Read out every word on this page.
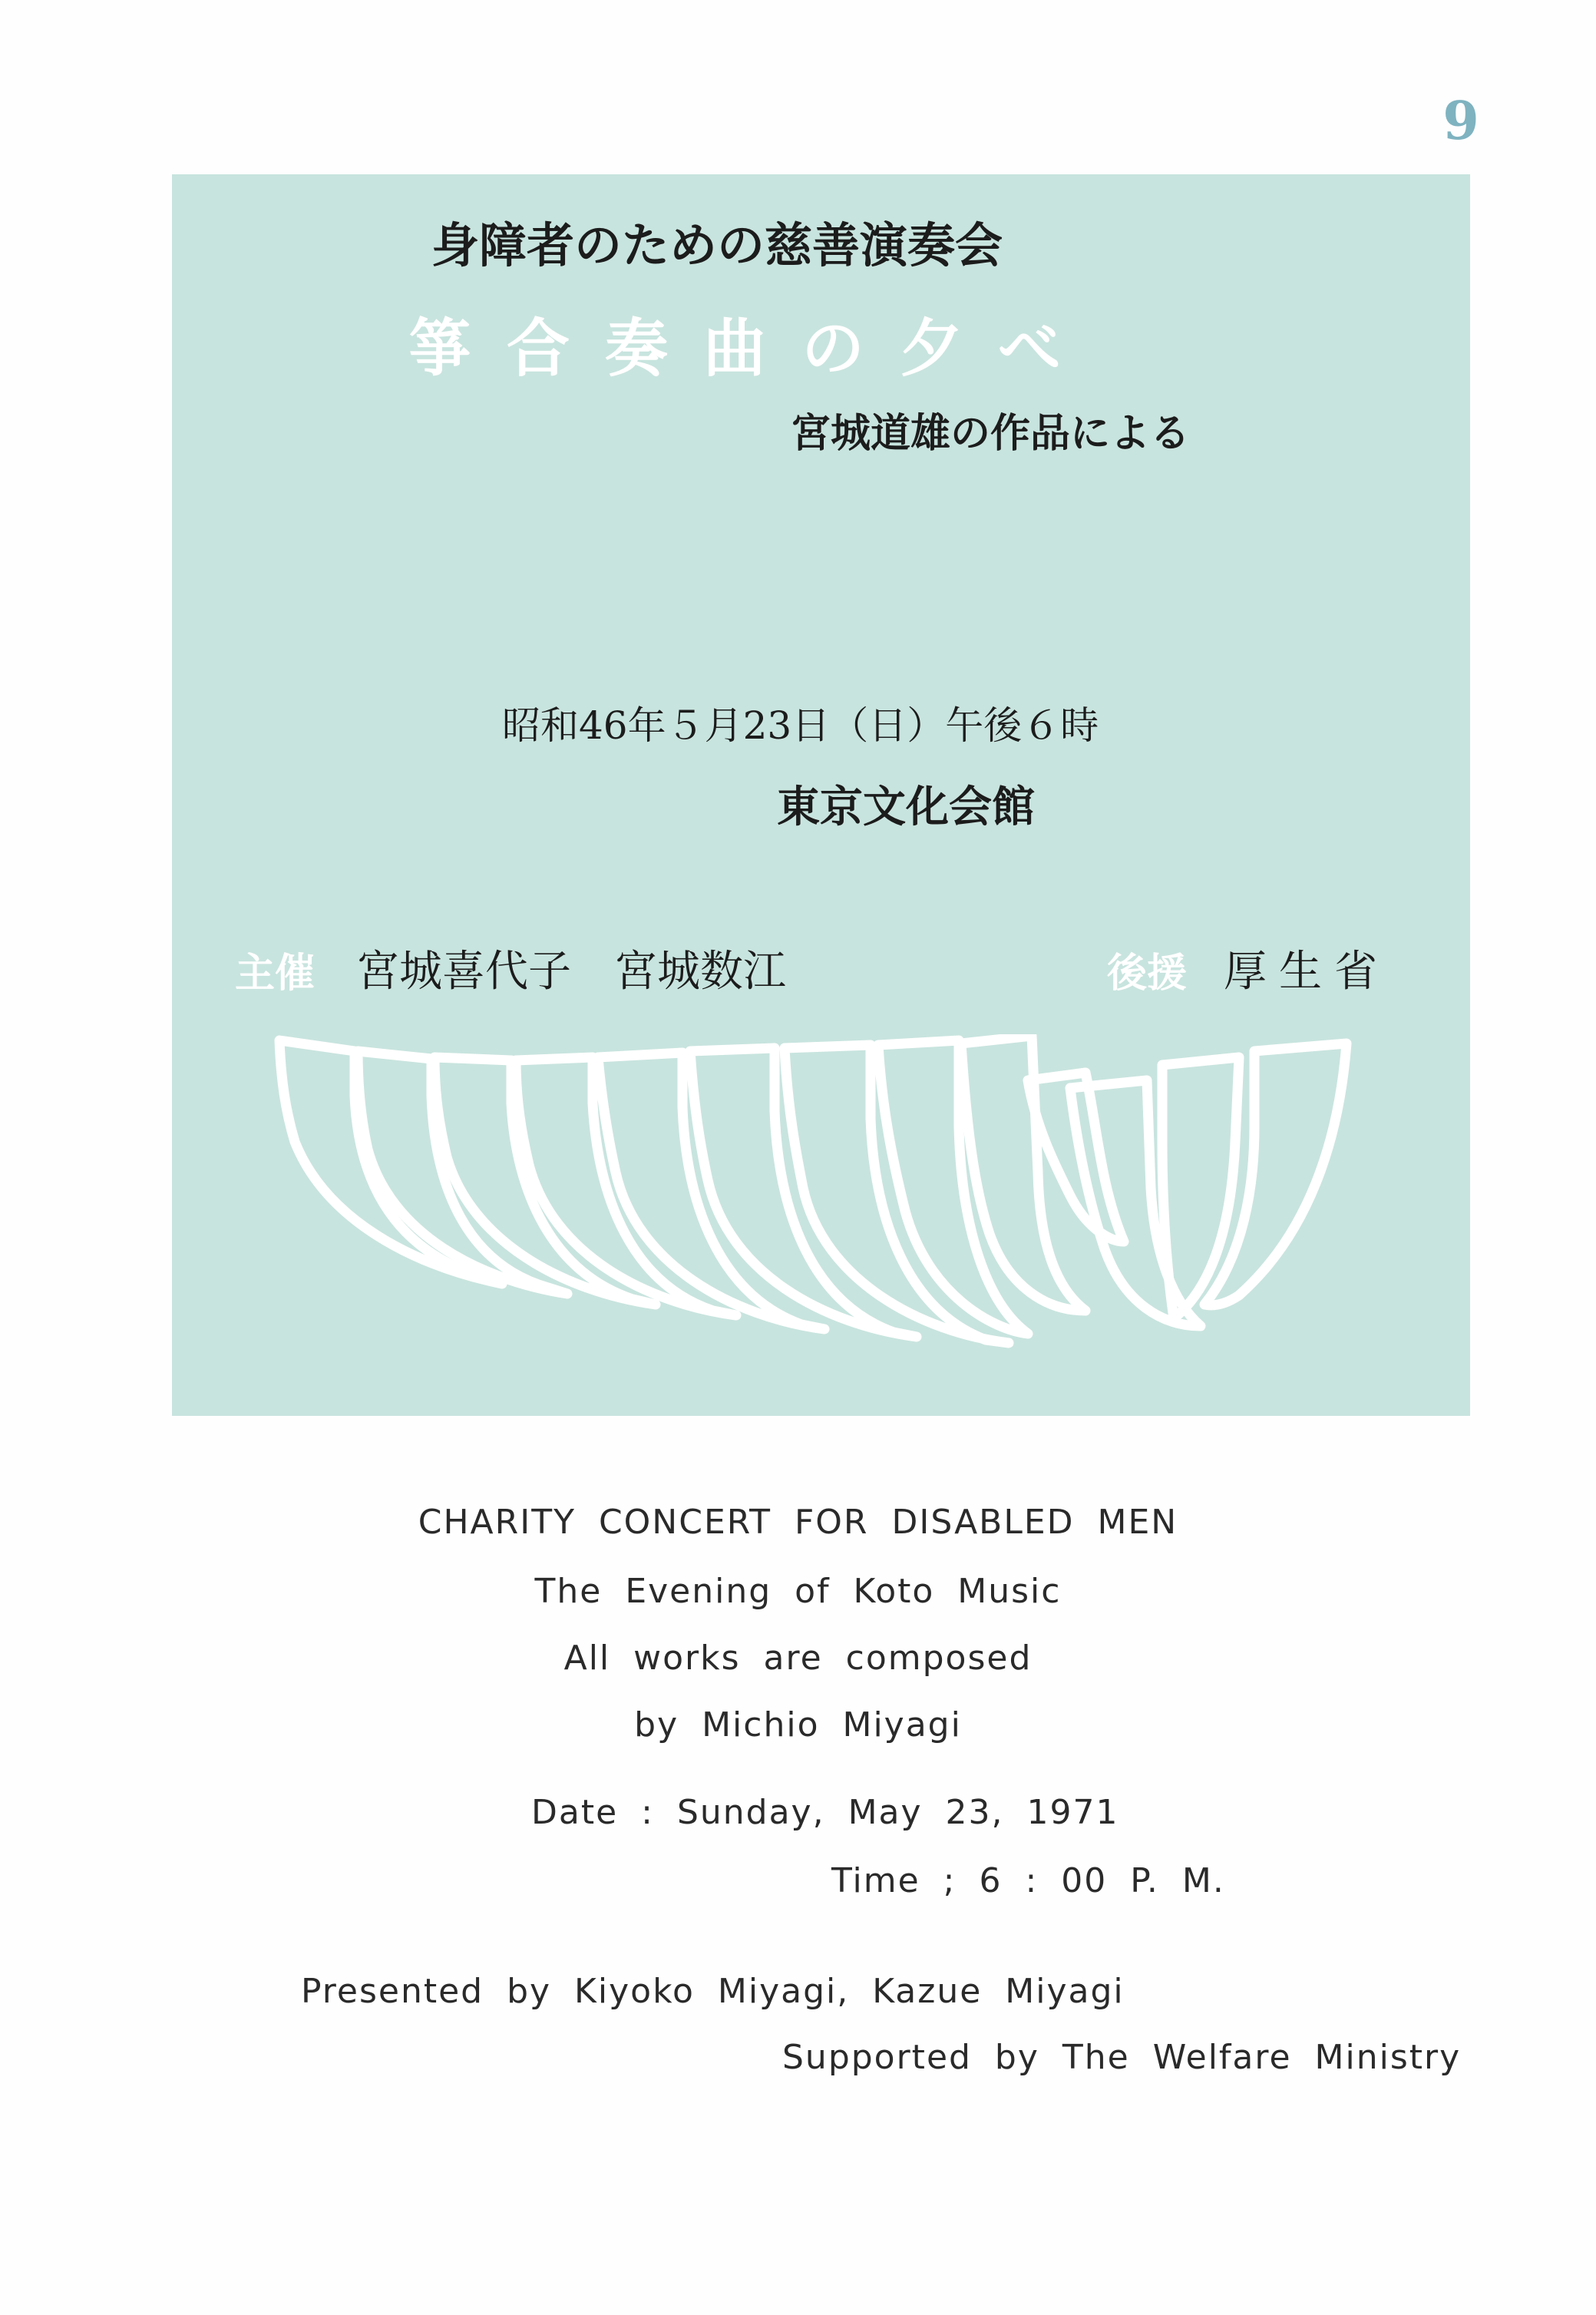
9
身障者のための慈善演奏会
箏合奏曲の夕べ
宮城道雄の作品による
昭和46年５月23日（日）午後６時
東京文化会館
主催 宮城喜代子　宮城数江	後援 厚生省
CHARITY CONCERT FOR DISABLED MEN
The Evening of Koto Music
All works are composed
by Michio Miyagi
Date : Sunday, May 23, 1971
Time ; 6 : 00 P. M.
Presented by Kiyoko Miyagi, Kazue Miyagi
Supported by The Welfare Ministry
